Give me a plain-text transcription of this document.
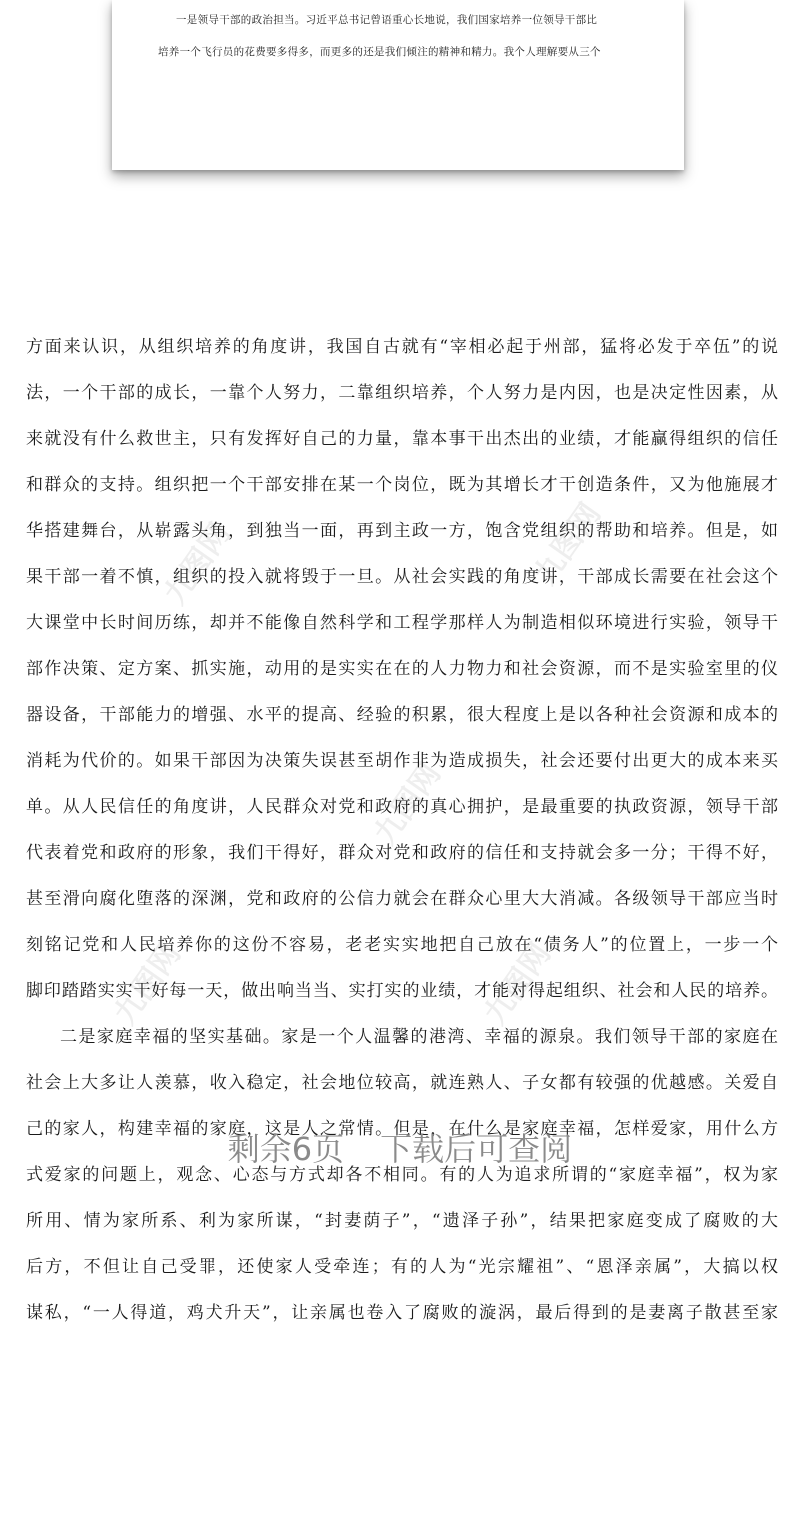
一是领导干部的政治担当。习近平总书记曾语重心长地说，我们国家培养一位领导干部比
培养一个飞行员的花费要多得多，而更多的还是我们倾注的精神和精力。我个人理解要从三个
九图网	九图网
九图网
九图网	九图网
方面来认识，从组织培养的角度讲，我国自古就有“宰相必起于州部，猛将必发于卒伍”的说
法，一个干部的成长，一靠个人努力，二靠组织培养，个人努力是内因，也是决定性因素，从
来就没有什么救世主，只有发挥好自己的力量，靠本事干出杰出的业绩，才能赢得组织的信任
和群众的支持。组织把一个干部安排在某一个岗位，既为其增长才干创造条件，又为他施展才
华搭建舞台，从崭露头角，到独当一面，再到主政一方，饱含党组织的帮助和培养。但是，如
果干部一着不慎，组织的投入就将毁于一旦。从社会实践的角度讲，干部成长需要在社会这个
大课堂中长时间历练，却并不能像自然科学和工程学那样人为制造相似环境进行实验，领导干
部作决策、定方案、抓实施，动用的是实实在在的人力物力和社会资源，而不是实验室里的仪
器设备，干部能力的增强、水平的提高、经验的积累，很大程度上是以各种社会资源和成本的
消耗为代价的。如果干部因为决策失误甚至胡作非为造成损失，社会还要付出更大的成本来买
单。从人民信任的角度讲，人民群众对党和政府的真心拥护，是最重要的执政资源，领导干部
代表着党和政府的形象，我们干得好，群众对党和政府的信任和支持就会多一分；干得不好，
甚至滑向腐化堕落的深渊，党和政府的公信力就会在群众心里大大消减。各级领导干部应当时
刻铭记党和人民培养你的这份不容易，老老实实地把自己放在“债务人”的位置上，一步一个
脚印踏踏实实干好每一天，做出响当当、实打实的业绩，才能对得起组织、社会和人民的培养。
二是家庭幸福的坚实基础。家是一个人温馨的港湾、幸福的源泉。我们领导干部的家庭在
社会上大多让人羡慕，收入稳定，社会地位较高，就连熟人、子女都有较强的优越感。关爱自
己的家人，构建幸福的家庭，这是人之常情。但是，在什么是家庭幸福，怎样爱家，用什么方
式爱家的问题上，观念、心态与方式却各不相同。有的人为追求所谓的“家庭幸福”，权为家
所用、情为家所系、利为家所谋，“封妻荫子”，“遗泽子孙”，结果把家庭变成了腐败的大
后方，不但让自己受罪，还使家人受牵连；有的人为“光宗耀祖”、“恩泽亲属”，大搞以权
谋私，“一人得道，鸡犬升天”，让亲属也卷入了腐败的漩涡，最后得到的是妻离子散甚至家
剩余6页 下载后可查阅
